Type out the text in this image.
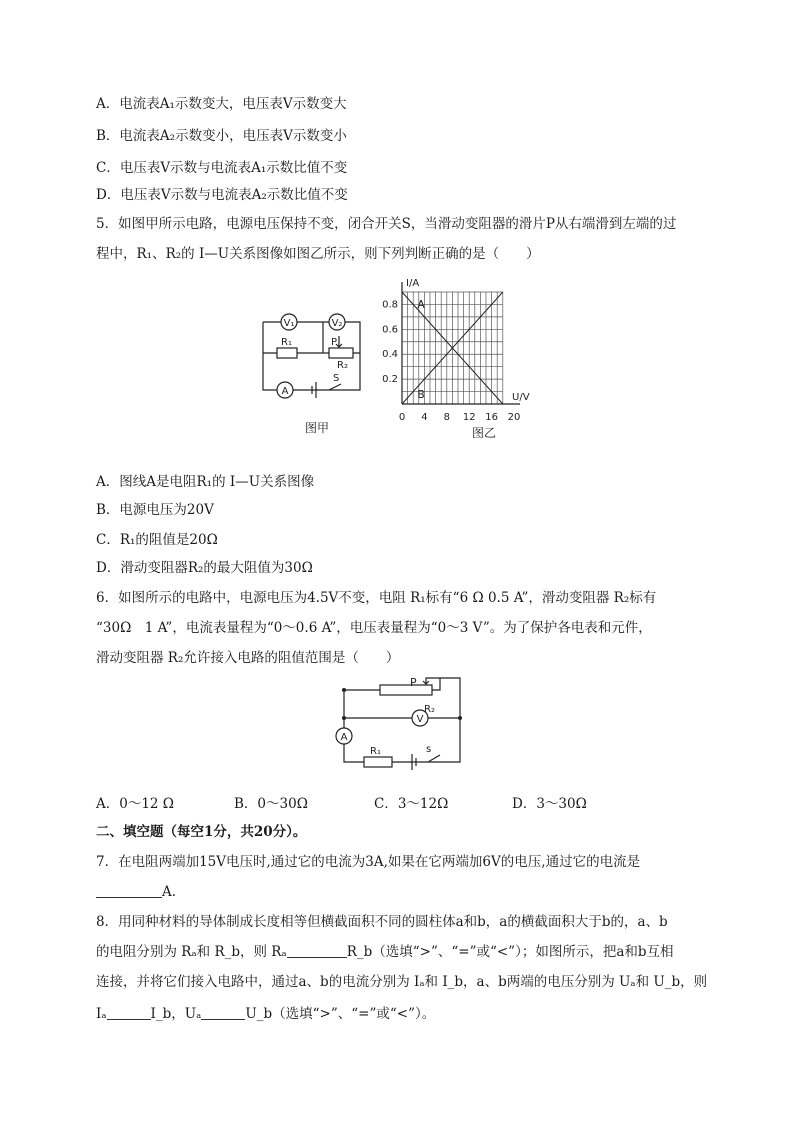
A．电流表A₁示数变大，电压表V示数变大
B．电流表A₂示数变小，电压表V示数变小
C．电压表V示数与电流表A₁示数比值不变
D．电压表V示数与电流表A₂示数比值不变
5．如图甲所示电路，电源电压保持不变，闭合开关S，当滑动变阻器的滑片P从右端滑到左端的过
程中，R₁、R₂的 I—U关系图像如图乙所示，则下列判断正确的是（　　）
V₁	V₂
A
R₁	P
R₂
S
图甲
A
B
0 4 8 12 16 20
0.2
0.4
0.6
0.8
U/V
I/A
图乙
A．图线A是电阻R₁的 I—U关系图像
B．电源电压为20V
C．R₁的阻值是20Ω
D．滑动变阻器R₂的最大阻值为30Ω
6．如图所示的电路中，电源电压为4.5V不变，电阻 R₁标有“6 Ω 0.5 A”，滑动变阻器 R₂标有
“30Ω　1 A”，电流表量程为“0～0.6 A”，电压表量程为“0～3 V”。为了保护各电表和元件，
滑动变阻器 R₂允许接入电路的阻值范围是（　　）
A
V
P
R₂
R₁	s
A．0～12 Ω	B．0～30Ω	C．3～12Ω	D．3～30Ω
二、填空题（每空1分，共20分）。
7．在电阻两端加15V电压时,通过它的电流为3A,如果在它两端加6V的电压,通过它的电流是
A.
8．用同种材料的导体制成长度相等但横截面积不同的圆柱体a和b，a的横截面积大于b的，a、b
的电阻分别为 Rₐ和 R_b，则 Rₐ	R_b（选填“>”、“=”或“<”）；如图所示，把a和b互相
连接，并将它们接入电路中，通过a、b的电流分别为 Iₐ和 I_b，a、b两端的电压分别为 Uₐ和 U_b，则
Iₐ	I_b，Uₐ	U_b（选填“>”、“=”或“<”）。
